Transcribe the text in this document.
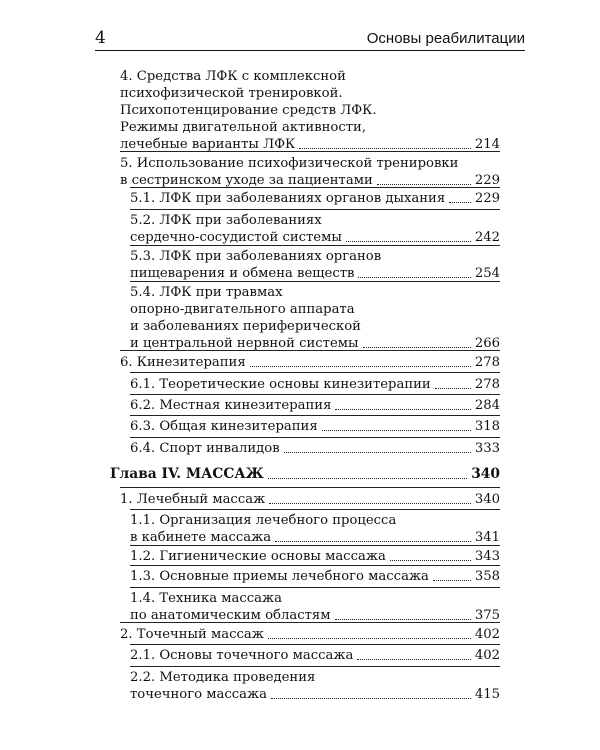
4	Основы реабилитации
4. Средства ЛФК с комплексной
психофизической тренировкой.
Психопотенцирование средств ЛФК.
Режимы двигательной активности,
лечебные варианты ЛФК	214
5. Использование психофизической тренировки
в сестринском уходе за пациентами	229
5.1. ЛФК при заболеваниях органов дыхания 229
5.2. ЛФК при заболеваниях
сердечно-сосудистой системы	242
5.3. ЛФК при заболеваниях органов
пищеварения и обмена веществ	254
5.4. ЛФК при травмах
опорно-двигательного аппарата
и заболеваниях периферической
и центральной нервной системы	266
6. Кинезитерапия	278
6.1. Теоретические основы кинезитерапии	278
6.2. Местная кинезитерапия	284
6.3. Общая кинезитерапия	318
6.4. Спорт инвалидов	333
Глава IV. МАССАЖ	340
1. Лечебный массаж	340
1.1. Организация лечебного процесса
в кабинете массажа	341
1.2. Гигиенические основы массажа	343
1.3. Основные приемы лечебного массажа	358
1.4. Техника массажа
по анатомическим областям	375
2. Точечный массаж	402
2.1. Основы точечного массажа	402
2.2. Методика проведения
точечного массажа	415
